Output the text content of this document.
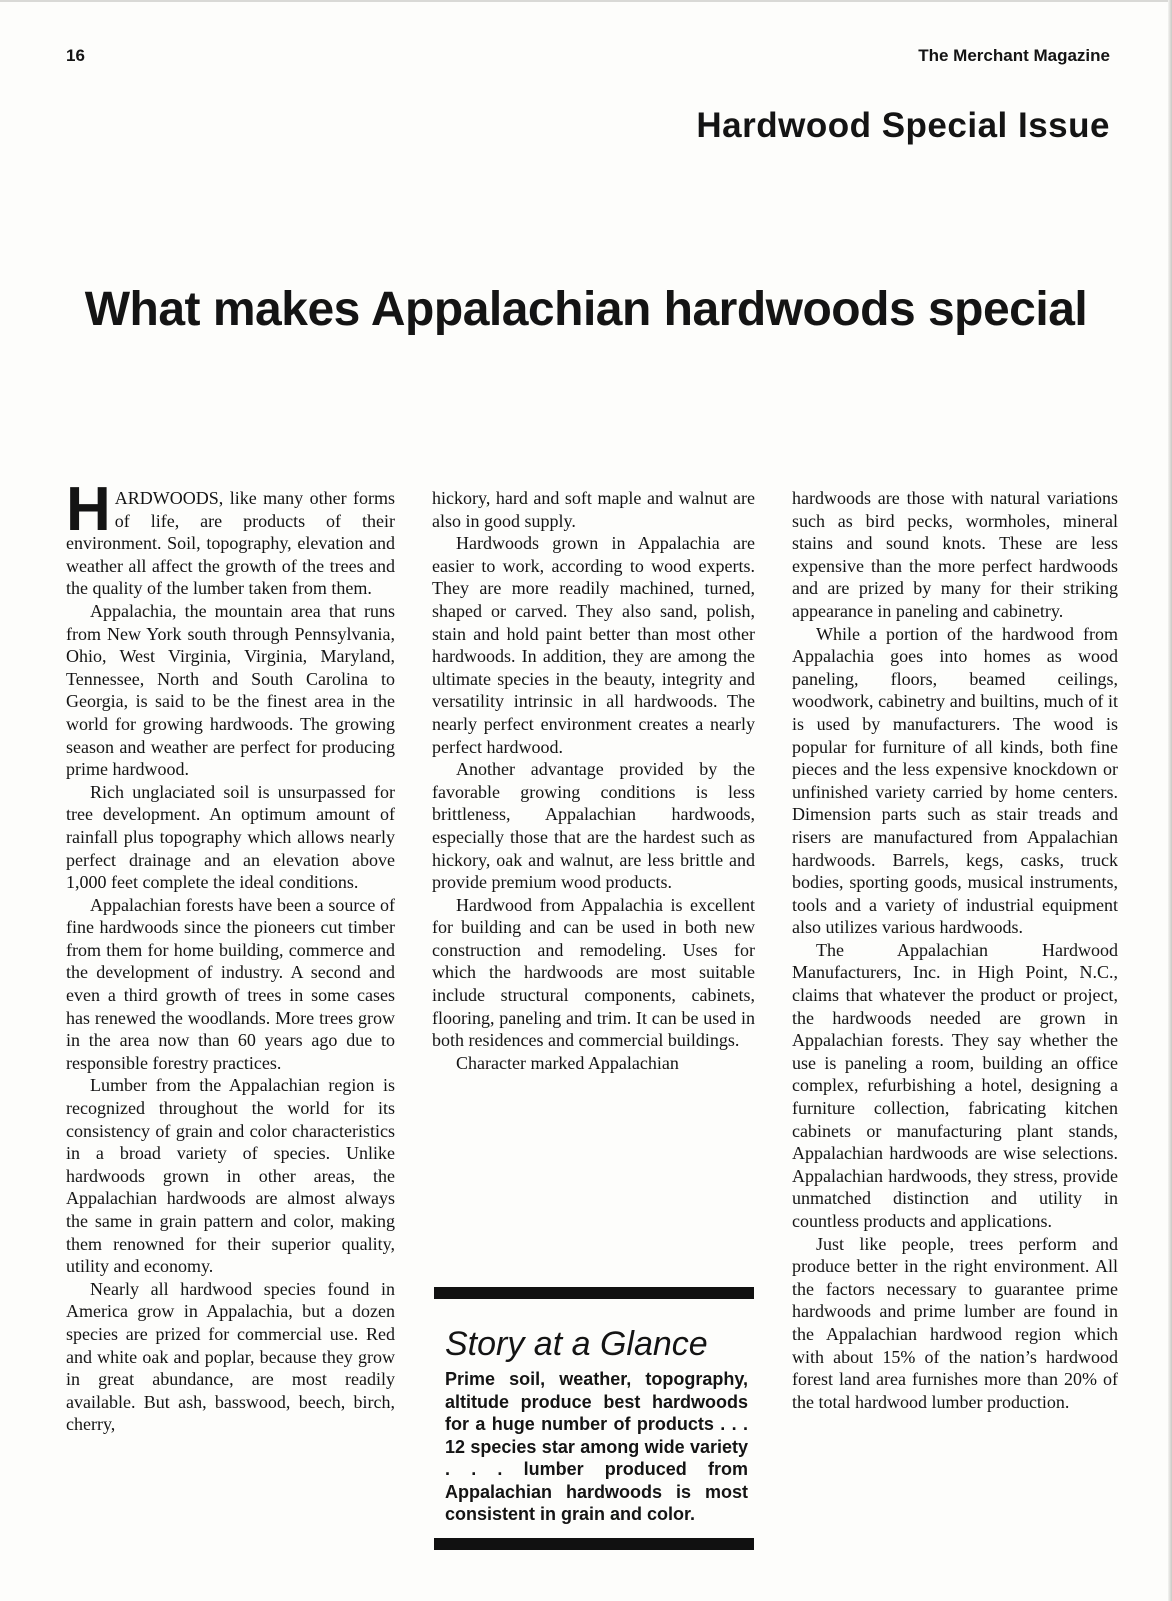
16	The Merchant Magazine
Hardwood Special Issue
What makes Appalachian hardwoods special

HARDWOODS, like many other forms of life, are products of their environment. Soil, topography, elevation and weather all affect the growth of the trees and the quality of the lumber taken from them.

Appalachia, the mountain area that runs from New York south through Pennsylvania, Ohio, West Virginia, Virginia, Maryland, Tennessee, North and South Carolina to Georgia, is said to be the finest area in the world for growing hardwoods. The growing season and weather are perfect for producing prime hardwood.

Rich unglaciated soil is unsurpassed for tree development. An optimum amount of rainfall plus topography which allows nearly perfect drainage and an elevation above 1,000 feet complete the ideal conditions.

Appalachian forests have been a source of fine hardwoods since the pioneers cut timber from them for home building, commerce and the development of industry. A second and even a third growth of trees in some cases has renewed the woodlands. More trees grow in the area now than 60 years ago due to responsible forestry practices.

Lumber from the Appalachian region is recognized throughout the world for its consistency of grain and color characteristics in a broad variety of species. Unlike hardwoods grown in other areas, the Appalachian hardwoods are almost always the same in grain pattern and color, making them renowned for their superior quality, utility and economy.

Nearly all hardwood species found in America grow in Appalachia, but a dozen species are prized for commercial use. Red and white oak and poplar, because they grow in great abundance, are most readily available. But ash, basswood, beech, birch, cherry,

hickory, hard and soft maple and walnut are also in good supply.

Hardwoods grown in Appalachia are easier to work, according to wood experts. They are more readily machined, turned, shaped or carved. They also sand, polish, stain and hold paint better than most other hardwoods. In addition, they are among the ultimate species in the beauty, integrity and versatility intrinsic in all hardwoods. The nearly perfect environment creates a nearly perfect hardwood.

Another advantage provided by the favorable growing conditions is less brittleness, Appalachian hardwoods, especially those that are the hardest such as hickory, oak and walnut, are less brittle and provide premium wood products.

Hardwood from Appalachia is excellent for building and can be used in both new construction and remodeling. Uses for which the hardwoods are most suitable include structural components, cabinets, flooring, paneling and trim. It can be used in both residences and commercial buildings.

Character marked Appalachian

Story at a Glance
Prime soil, weather, topography, altitude produce best hardwoods for a huge number of products . . . 12 species star among wide variety . . . lumber produced from Appalachian hardwoods is most consistent in grain and color.

hardwoods are those with natural variations such as bird pecks, wormholes, mineral stains and sound knots. These are less expensive than the more perfect hardwoods and are prized by many for their striking appearance in paneling and cabinetry.

While a portion of the hardwood from Appalachia goes into homes as wood paneling, floors, beamed ceilings, woodwork, cabinetry and builtins, much of it is used by manufacturers. The wood is popular for furniture of all kinds, both fine pieces and the less expensive knockdown or unfinished variety carried by home centers. Dimension parts such as stair treads and risers are manufactured from Appalachian hardwoods. Barrels, kegs, casks, truck bodies, sporting goods, musical instruments, tools and a variety of industrial equipment also utilizes various hardwoods.

The Appalachian Hardwood Manufacturers, Inc. in High Point, N.C., claims that whatever the product or project, the hardwoods needed are grown in Appalachian forests. They say whether the use is paneling a room, building an office complex, refurbishing a hotel, designing a furniture collection, fabricating kitchen cabinets or manufacturing plant stands, Appalachian hardwoods are wise selections. Appalachian hardwoods, they stress, provide unmatched distinction and utility in countless products and applications.

Just like people, trees perform and produce better in the right environment. All the factors necessary to guarantee prime hardwoods and prime lumber are found in the Appalachian hardwood region which with about 15% of the nation’s hardwood forest land area furnishes more than 20% of the total hardwood lumber production.
